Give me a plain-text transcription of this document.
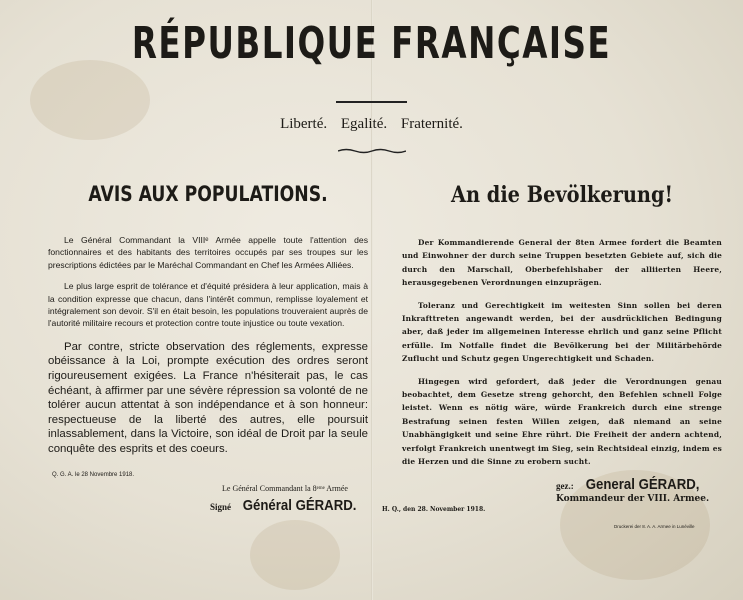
RÉPUBLIQUE FRANÇAISE
Liberté. Egalité. Fraternité.
AVIS AUX POPULATIONS.

Le Général Commandant la VIIIᵉ Armée appelle toute l'attention des fonctionnaires et des habitants des territoires occupés par ses troupes sur les prescriptions édictées par le Maréchal Commandant en Chef les Armées Alliées.

Le plus large esprit de tolérance et d'équité présidera à leur application, mais à la condition expresse que chacun, dans l'intérêt commun, remplisse loyalement et intégralement son devoir. S'il en était besoin, les populations trouveraient auprès de l'autorité militaire recours et protection contre toute injustice ou toute vexation.

Par contre, stricte observation des réglements, expresse obéissance à la Loi, prompte exécution des ordres seront rigoureusement exigées. La France n'hésiterait pas, le cas échéant, à affirmer par une sévère répression sa volonté de ne tolérer aucun attentat à son indépendance et à son honneur: respectueuse de la liberté des autres, elle poursuit inlassablement, dans la Victoire, son idéal de Droit par la seule conquête des esprits et des coeurs.

Q. G. A. le 28 Novembre 1918.
Le Général Commandant la 8ᵉᵐᵉ Armée
Signé Général GÉRARD.
An die Bevölkerung!

Der Kommandierende General der 8ten Armee fordert die Beamten und Einwohner der durch seine Truppen besetzten Gebiete auf, sich die durch den Marschall, Oberbefehlshaber der alliierten Heere, herausgegebenen Verordnungen einzuprägen.

Toleranz und Gerechtigkeit im weitesten Sinn sollen bei deren Inkrafttreten angewandt werden, bei der ausdrücklichen Bedingung aber, daß jeder im allgemeinen Interesse ehrlich und ganz seine Pflicht erfülle. Im Notfalle findet die Bevölkerung bei der Militärbehörde Zuflucht und Schutz gegen Ungerechtigkeit und Schaden.

Hingegen wird gefordert, daß jeder die Verordnungen genau beobachtet, dem Gesetze streng gehorcht, den Befehlen schnell Folge leistet. Wenn es nötig wäre, würde Frankreich durch eine strenge Bestrafung seinen festen Willen zeigen, daß niemand an seine Unabhängigkeit und seine Ehre rührt. Die Freiheit der andern achtend, verfolgt Frankreich unentwegt im Sieg, sein Rechtsideal einzig, indem es die Herzen und die Sinne zu erobern sucht.

H. Q., den 28. November 1918.
gez.: General GÉRARD,
Kommandeur der VIII. Armee.
Druckerei der 8. A. A. Armee in Lunéville
